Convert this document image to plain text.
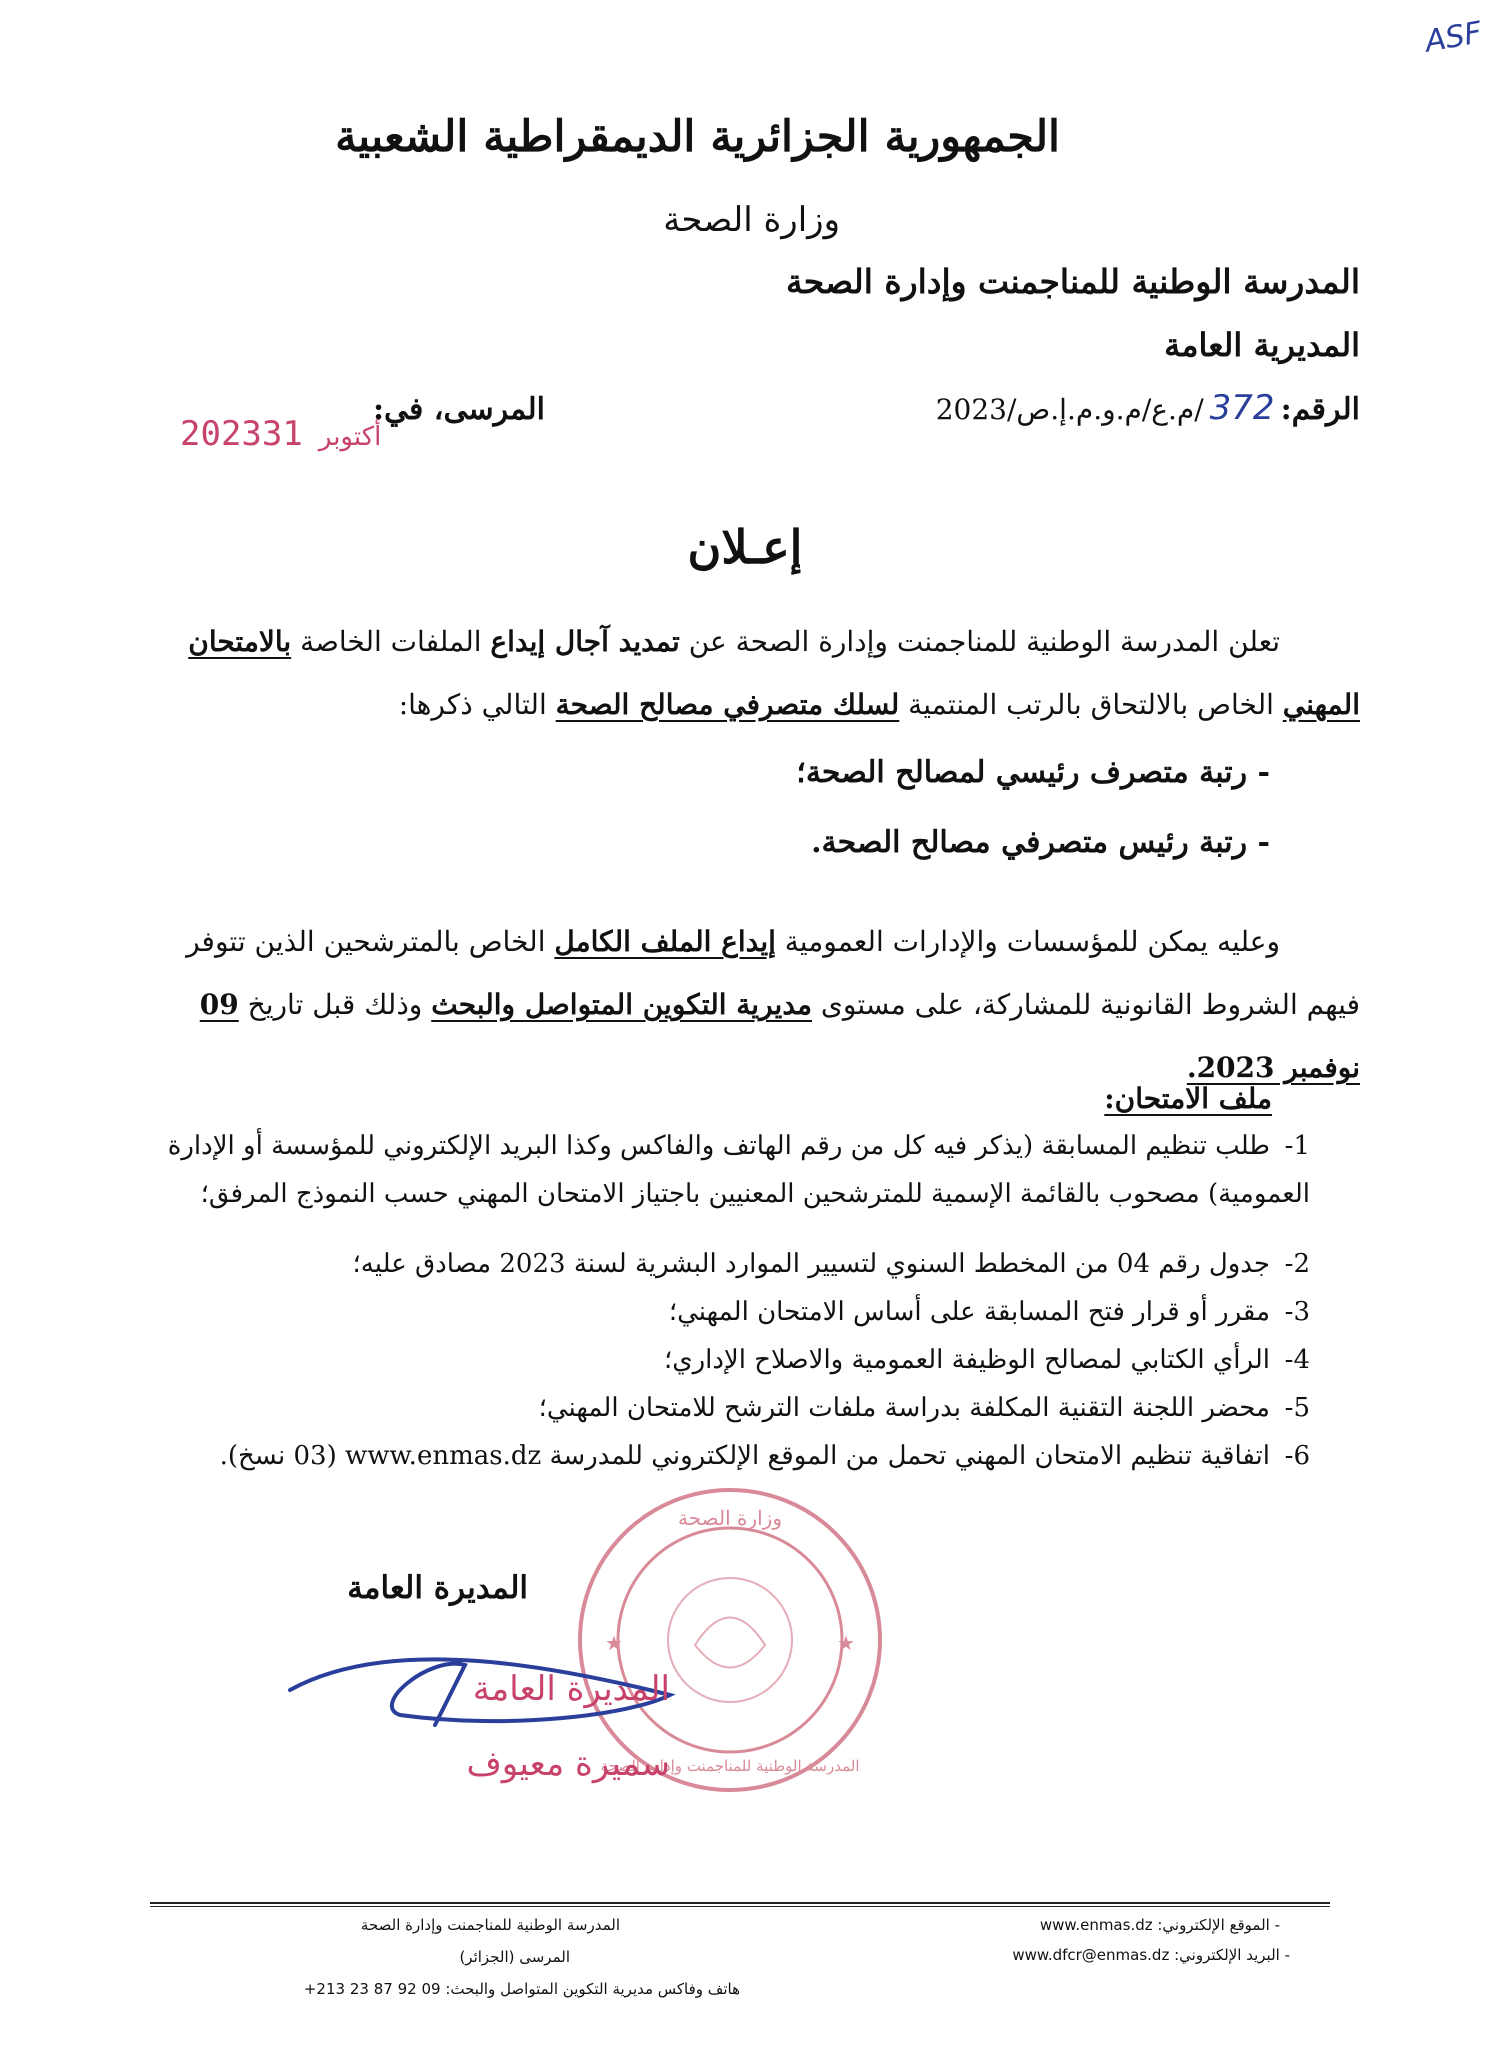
ASF
الجمهورية الجزائرية الديمقراطية الشعبية
وزارة الصحة
المدرسة الوطنية للمناجمنت وإدارة الصحة
المديرية العامة
الرقم:372/م.ع/م.و.م.إ.ص/2023
المرسى، في:
2023 أكتوبر31
إعـلان
تعلن المدرسة الوطنية للمناجمنت وإدارة الصحة عن تمديد آجال إيداع الملفات الخاصة بالامتحان المهني الخاص بالالتحاق بالرتب المنتمية لسلك متصرفي مصالح الصحة التالي ذكرها:
- رتبة متصرف رئيسي لمصالح الصحة؛
- رتبة رئيس متصرفي مصالح الصحة.
وعليه يمكن للمؤسسات والإدارات العمومية إيداع الملف الكامل الخاص بالمترشحين الذين تتوفر فيهم الشروط القانونية للمشاركة، على مستوى مديرية التكوين المتواصل والبحث وذلك قبل تاريخ 09 نوفمبر 2023.
ملف الامتحان:
1-طلب تنظيم المسابقة (يذكر فيه كل من رقم الهاتف والفاكس وكذا البريد الإلكتروني للمؤسسة أو الإدارة العمومية) مصحوب بالقائمة الإسمية للمترشحين المعنيين باجتياز الامتحان المهني حسب النموذج المرفق؛
2-جدول رقم 04 من المخطط السنوي لتسيير الموارد البشرية لسنة 2023 مصادق عليه؛
3-مقرر أو قرار فتح المسابقة على أساس الامتحان المهني؛
4-الرأي الكتابي لمصالح الوظيفة العمومية والاصلاح الإداري؛
5-محضر اللجنة التقنية المكلفة بدراسة ملفات الترشح للامتحان المهني؛
6-اتفاقية تنظيم الامتحان المهني تحمل من الموقع الإلكتروني للمدرسة www.enmas.dz (03 نسخ).
المديرة العامة
★	★
وزارة الصحة
المدرسة الوطنية للمناجمنت وإدارة الصحة
المديرة العامة
سميرة معيوف
المدرسة الوطنية للمناجمنت وإدارة الصحة
المرسى (الجزائر)
هاتف وفاكس مديرية التكوين المتواصل والبحث: 09 92 87 23 213+
- الموقع الإلكتروني: www.enmas.dz
- البريد الإلكتروني: www.dfcr@enmas.dz
